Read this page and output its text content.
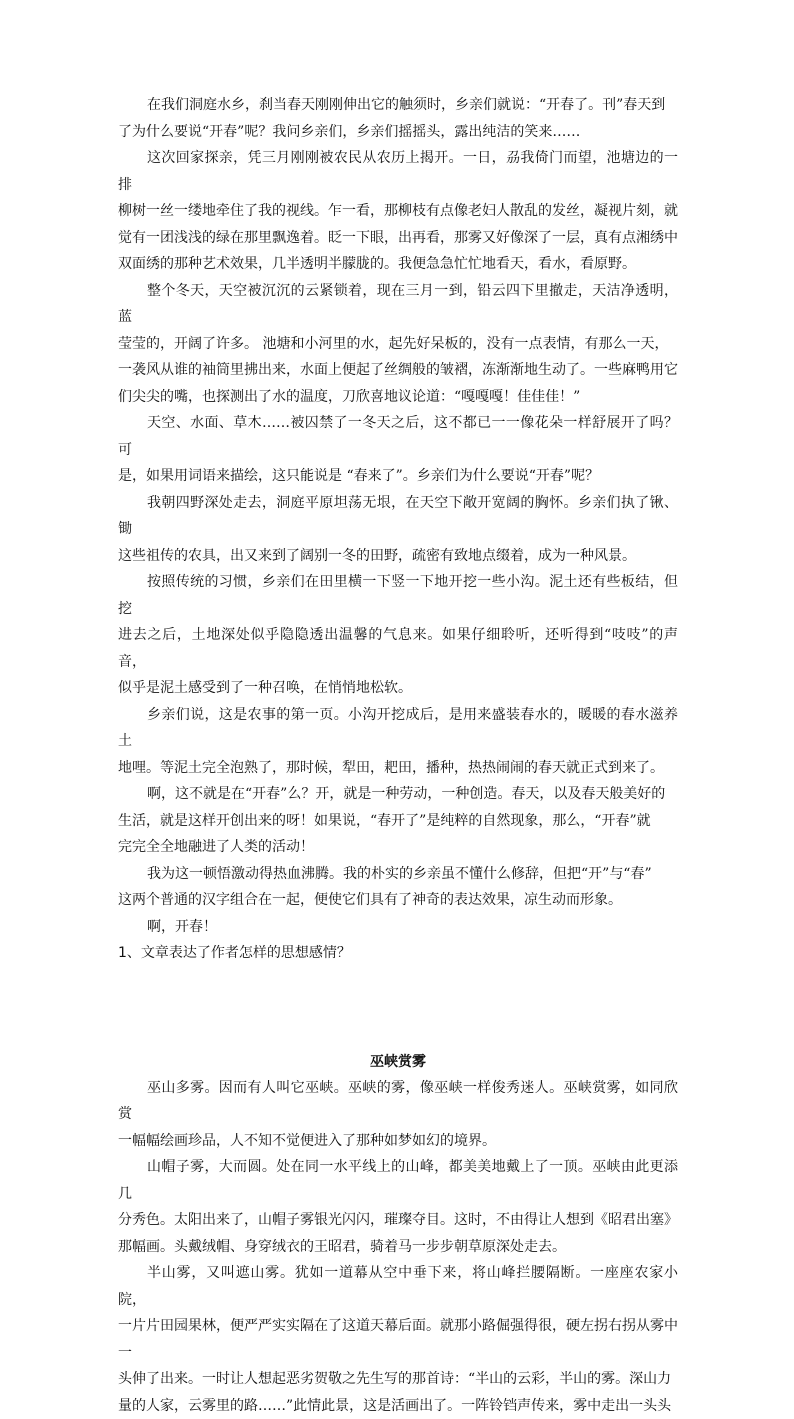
在我们洞庭水乡，刹当春天刚刚伸出它的触须时，乡亲们就说：“开春了。刊”春天到
了为什么要说“开春”呢？我问乡亲们，乡亲们摇摇头，露出纯洁的笑来……

这次回家探亲，凭三月刚刚被农民从农历上揭开。一日，刕我倚门而望，池塘边的一排
柳树一丝一缕地牵住了我的视线。乍一看，那柳枝有点像老妇人散乱的发丝，凝视片刻，就
觉有一团浅浅的绿在那里飘逸着。眨一下眼，出再看，那雾又好像深了一层，真有点湘绣中
双面绣的那种艺术效果，几半透明半朦胧的。我便急急忙忙地看天，看水，看原野。

整个冬天，天空被沉沉的云紧锁着，现在三月一到，铅云四下里撤走，天洁净透明，蓝
莹莹的，开阔了许多。 池塘和小河里的水，起先好呆板的，没有一点表情，有那么一天，
一袭风从谁的袖筒里拂出来，水面上便起了丝绸般的皱褶，冻渐渐地生动了。一些麻鸭用它
们尖尖的嘴，也探测出了水的温度，刀欣喜地议论道：“嘎嘎嘎！佳佳佳！”

天空、水面、草木……被囚禁了一冬天之后，这不都已一一像花朵一样舒展开了吗？可
是，如果用词语来描绘，这只能说是 “春来了”。乡亲们为什么要说“开春”呢？

我朝四野深处走去，洞庭平原坦荡无垠，在天空下敞开宽阔的胸怀。乡亲们执了锹、锄
这些祖传的农具，出又来到了阔别一冬的田野，疏密有致地点缀着，成为一种风景。

按照传统的习惯，乡亲们在田里横一下竖一下地开挖一些小沟。泥土还有些板结，但挖
进去之后，土地深处似乎隐隐透出温馨的气息来。如果仔细聆听，还听得到“吱吱”的声音，
似乎是泥土感受到了一种召唤，在悄悄地松软。

乡亲们说，这是农事的第一页。小沟开挖成后，是用来盛装春水的，暖暖的春水滋养土
地哩。等泥土完全泡熟了，那时候，犁田，耙田，播种，热热闹闹的春天就正式到来了。

啊，这不就是在“开春”么？开，就是一种劳动，一种创造。春天，以及春天般美好的
生活，就是这样开创出来的呀！如果说，“春开了”是纯粹的自然现象，那么，“开春”就
完完全全地融进了人类的活动！

我为这一顿悟激动得热血沸腾。我的朴实的乡亲虽不懂什么修辞，但把“开”与“春”
这两个普通的汉字组合在一起，便使它们具有了神奇的表达效果，凉生动而形象。

啊，开春！

1、文章表达了作者怎样的思想感情？

巫峡赏雾

巫山多雾。因而有人叫它巫峡。巫峡的雾，像巫峡一样俊秀迷人。巫峡赏雾，如同欣赏
一幅幅绘画珍品，人不知不觉便进入了那种如梦如幻的境界。

山帽子雾，大而圆。处在同一水平线上的山峰，都美美地戴上了一顶。巫峡由此更添几
分秀色。太阳出来了，山帽子雾银光闪闪，璀璨夺目。这时，不由得让人想到《昭君出塞》
那幅画。头戴绒帽、身穿绒衣的王昭君，骑着马一步步朝草原深处走去。

半山雾，又叫遮山雾。犹如一道幕从空中垂下来，将山峰拦腰隔断。一座座农家小院，
一片片田园果林，便严严实实隔在了这道天幕后面。就那小路倔强得很，硬左拐右拐从雾中一
头伸了出来。一时让人想起恶劣贺敬之先生写的那首诗：“半山的云彩，半山的雾。深山力
量的人家，云雾里的路……”此情此景，这是活画出了。一阵铃铛声传来，雾中走出一头头
